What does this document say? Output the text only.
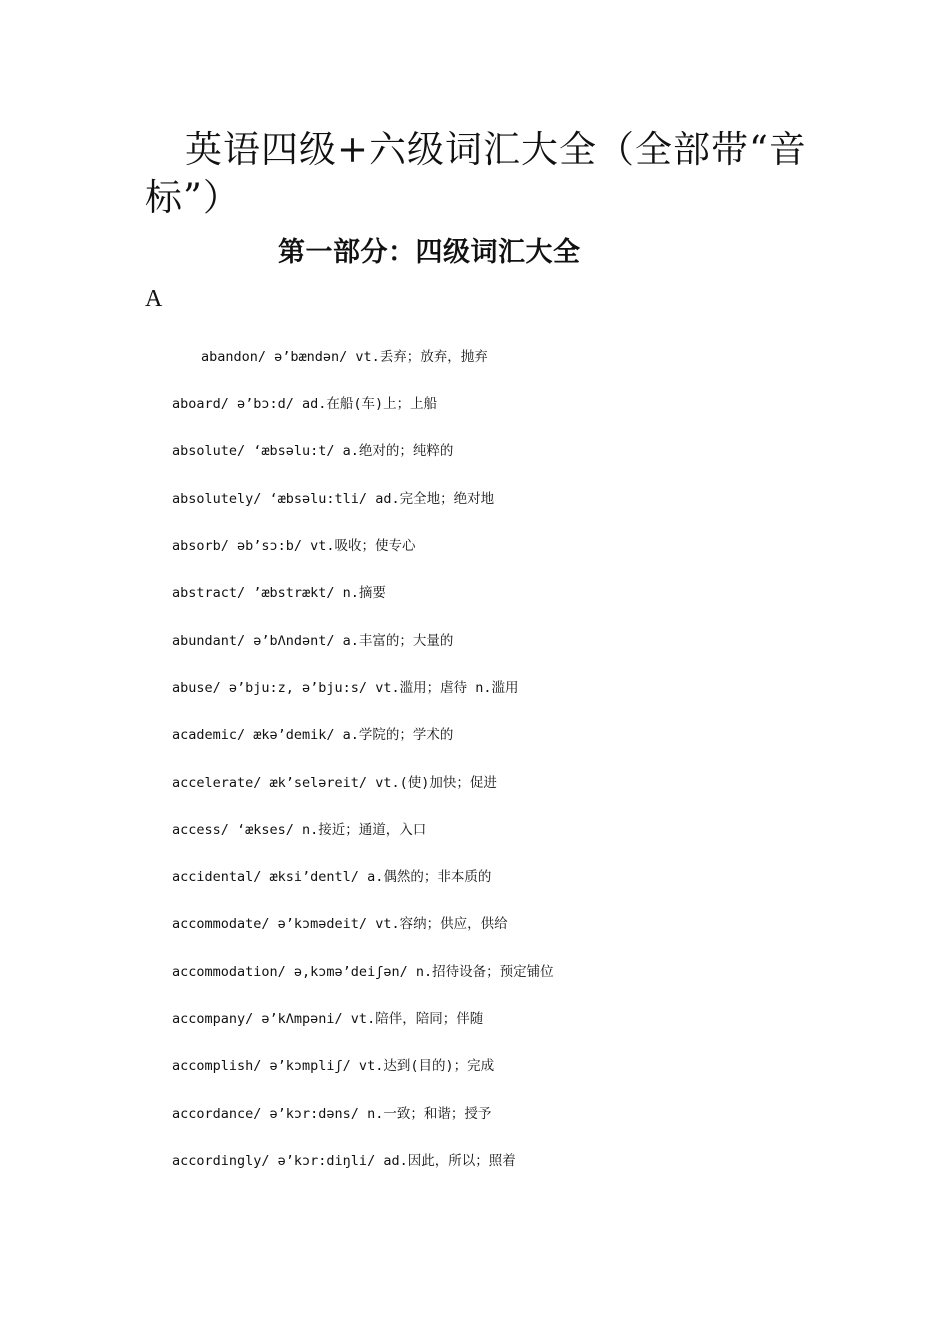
英语四级+六级词汇大全（全部带“音标”）
第一部分：四级词汇大全
A
abandon/ ə’bændən/ vt.丢弃；放弃，抛弃
aboard/ ə’bɔ:d/ ad.在船(车)上；上船
absolute/ ‘æbsəlu:t/ a.绝对的；纯粹的
absolutely/ ‘æbsəlu:tli/ ad.完全地；绝对地
absorb/ əb’sɔ:b/ vt.吸收；使专心
abstract/ ’æbstrækt/ n.摘要
abundant/ ə’bΛndənt/ a.丰富的；大量的
abuse/ ə’bju:z, ə’bju:s/ vt.滥用；虐待 n.滥用
academic/ ækə’demik/ a.学院的；学术的
accelerate/ æk’seləreit/ vt.(使)加快；促进
access/ ‘ækses/ n.接近；通道，入口
accidental/ æksi’dentl/ a.偶然的；非本质的
accommodate/ ə’kɔmədeit/ vt.容纳；供应，供给
accommodation/ ə,kɔmə’deiʃən/ n.招待设备；预定铺位
accompany/ ə’kΛmpəni/ vt.陪伴，陪同；伴随
accomplish/ ə’kɔmpliʃ/ vt.达到(目的)；完成
accordance/ ə’kɔr:dəns/ n.一致；和谐；授予
accordingly/ ə’kɔr:diŋli/ ad.因此，所以；照着
